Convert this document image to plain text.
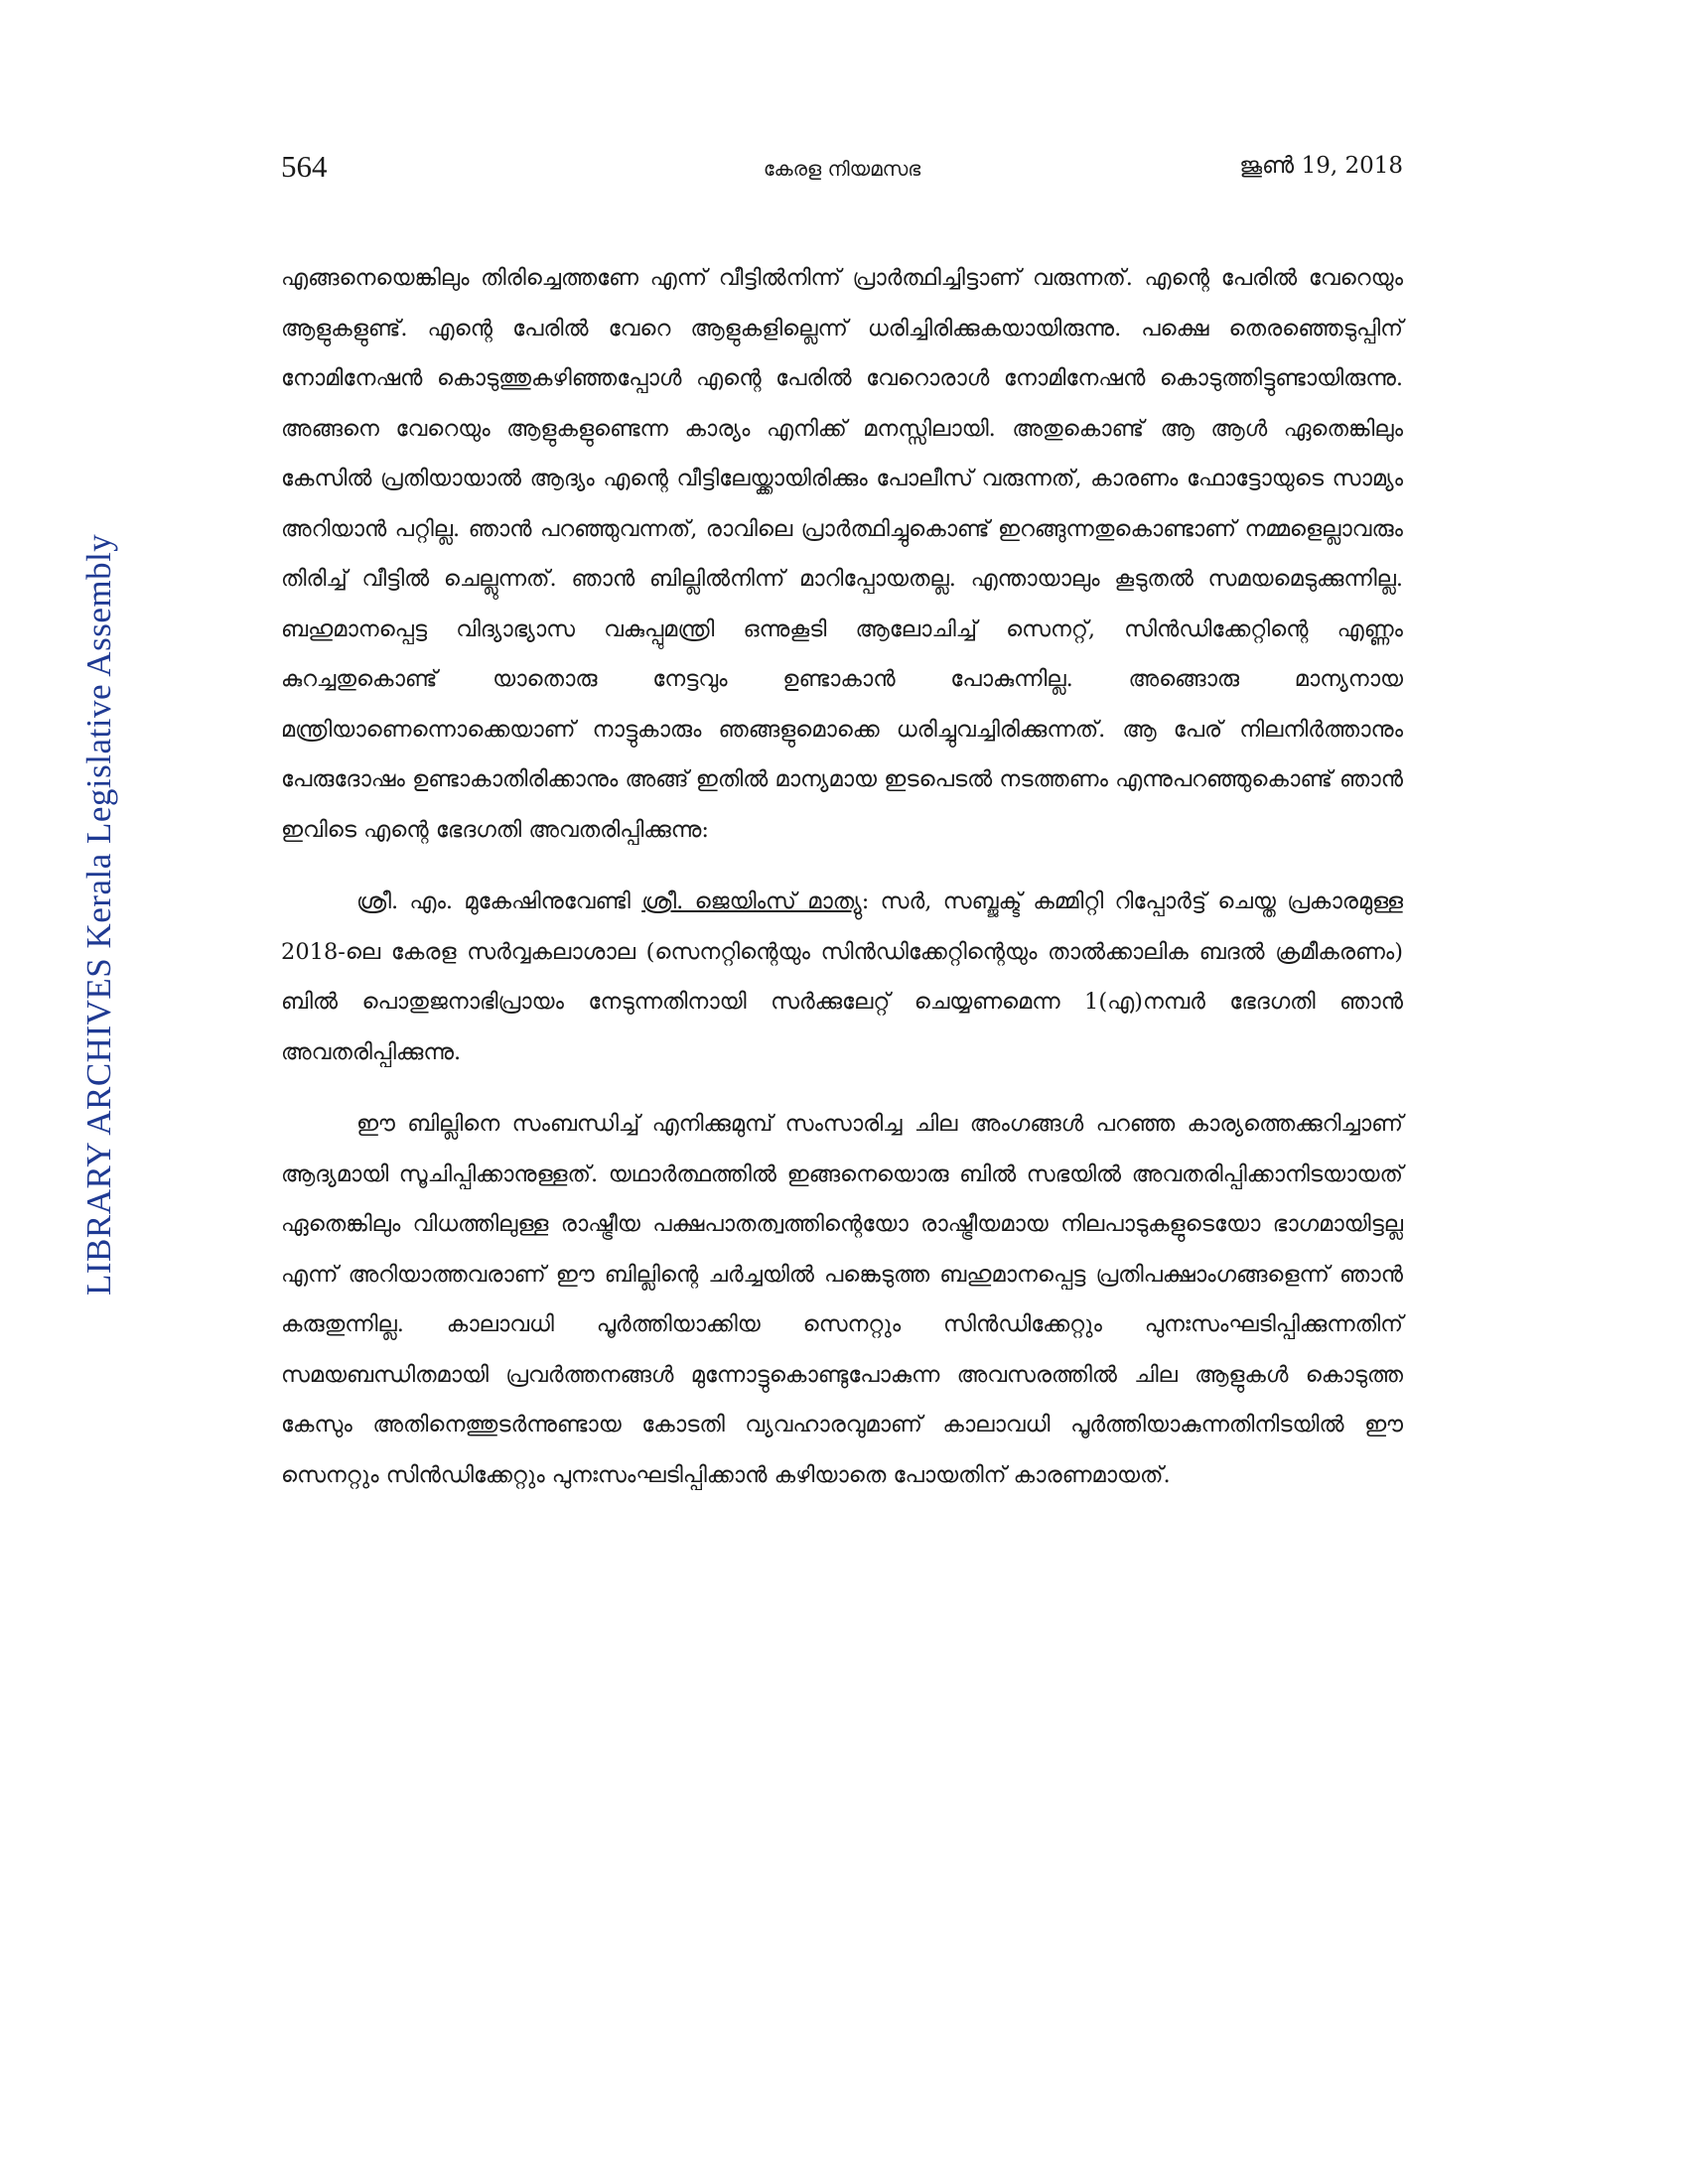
564	കേരള നിയമസഭ	ജൂൺ 19, 2018
LIBRARY ARCHIVES Kerala Legislative Assembly

എങ്ങനെയെങ്കിലും തിരിച്ചെത്തണേ എന്ന് വീട്ടിൽനിന്ന് പ്രാർത്ഥിച്ചിട്ടാണ് വരുന്നത്. എന്റെ പേരിൽ വേറെയും ആളുകളുണ്ട്. എന്റെ പേരിൽ വേറെ ആളുകളില്ലെന്ന് ധരിച്ചിരിക്കുകയായിരുന്നു. പക്ഷെ തെരഞ്ഞെടുപ്പിന് നോമിനേഷൻ കൊടുത്തുകഴിഞ്ഞപ്പോൾ എന്റെ പേരിൽ വേറൊരാൾ നോമിനേഷൻ കൊടുത്തിട്ടുണ്ടായിരുന്നു. അങ്ങനെ വേറെയും ആളുകളുണ്ടെന്ന കാര്യം എനിക്ക് മനസ്സിലായി. അതുകൊണ്ട് ആ ആൾ ഏതെങ്കിലും കേസിൽ പ്രതിയായാൽ ആദ്യം എന്റെ വീട്ടിലേയ്ക്കായിരിക്കും പോലീസ് വരുന്നത്, കാരണം ഫോട്ടോയുടെ സാമ്യം അറിയാൻ പറ്റില്ല. ഞാൻ പറഞ്ഞുവന്നത്, രാവിലെ പ്രാർത്ഥിച്ചുകൊണ്ട് ഇറങ്ങുന്നതുകൊണ്ടാണ് നമ്മളെല്ലാവരും തിരിച്ച് വീട്ടിൽ ചെല്ലുന്നത്. ഞാൻ ബില്ലിൽനിന്ന് മാറിപ്പോയതല്ല. എന്തായാലും കൂടുതൽ സമയമെടുക്കുന്നില്ല. ബഹുമാനപ്പെട്ട വിദ്യാഭ്യാസ വകുപ്പുമന്ത്രി ഒന്നുകൂടി ആലോചിച്ച് സെനറ്റ്, സിൻഡിക്കേറ്റിന്റെ എണ്ണം കുറച്ചതുകൊണ്ട് യാതൊരു നേട്ടവും ഉണ്ടാകാൻ പോകുന്നില്ല. അങ്ങൊരു മാന്യനായ മന്ത്രിയാണെന്നൊക്കെയാണ് നാട്ടുകാരും ഞങ്ങളുമൊക്കെ ധരിച്ചുവച്ചിരിക്കുന്നത്. ആ പേര് നിലനിർത്താനും പേരുദോഷം ഉണ്ടാകാതിരിക്കാനും അങ്ങ് ഇതിൽ മാന്യമായ ഇടപെടൽ നടത്തണം എന്നുപറഞ്ഞുകൊണ്ട് ഞാൻ ഇവിടെ എന്റെ ഭേദഗതി അവതരിപ്പിക്കുന്നു:

ശ്രീ. എം. മുകേഷിനുവേണ്ടി ശ്രീ. ജെയിംസ് മാത്യു: സർ, സബ്ജക്ട് കമ്മിറ്റി റിപ്പോർട്ട് ചെയ്ത പ്രകാരമുള്ള 2018-ലെ കേരള സർവ്വകലാശാല (സെനറ്റിന്റെയും സിൻഡിക്കേറ്റിന്റെയും താൽക്കാലിക ബദൽ ക്രമീകരണം) ബിൽ പൊതുജനാഭിപ്രായം നേടുന്നതിനായി സർക്കുലേറ്റ് ചെയ്യണമെന്ന 1(എ)നമ്പർ ഭേദഗതി ഞാൻ അവതരിപ്പിക്കുന്നു.

ഈ ബില്ലിനെ സംബന്ധിച്ച് എനിക്കുമുമ്പ് സംസാരിച്ച ചില അംഗങ്ങൾ പറഞ്ഞ കാര്യത്തെക്കുറിച്ചാണ് ആദ്യമായി സൂചിപ്പിക്കാനുള്ളത്. യഥാർത്ഥത്തിൽ ഇങ്ങനെയൊരു ബിൽ സഭയിൽ അവതരിപ്പിക്കാനിടയായത് ഏതെങ്കിലും വിധത്തിലുള്ള രാഷ്ട്രീയ പക്ഷപാതത്വത്തിന്റെയോ രാഷ്ട്രീയമായ നിലപാടുകളുടെയോ ഭാഗമായിട്ടല്ല എന്ന് അറിയാത്തവരാണ് ഈ ബില്ലിന്റെ ചർച്ചയിൽ പങ്കെടുത്ത ബഹുമാനപ്പെട്ട പ്രതിപക്ഷാംഗങ്ങളെന്ന് ഞാൻ കരുതുന്നില്ല. കാലാവധി പൂർത്തിയാക്കിയ സെനറ്റും സിൻഡിക്കേറ്റും പുനഃസംഘടിപ്പിക്കുന്നതിന് സമയബന്ധിതമായി പ്രവർത്തനങ്ങൾ മുന്നോട്ടുകൊണ്ടുപോകുന്ന അവസരത്തിൽ ചില ആളുകൾ കൊടുത്ത കേസും അതിനെത്തുടർന്നുണ്ടായ കോടതി വ്യവഹാരവുമാണ് കാലാവധി പൂർത്തിയാകുന്നതിനിടയിൽ ഈ സെനറ്റും സിൻഡിക്കേറ്റും പുനഃസംഘടിപ്പിക്കാൻ കഴിയാതെ പോയതിന് കാരണമായത്.
